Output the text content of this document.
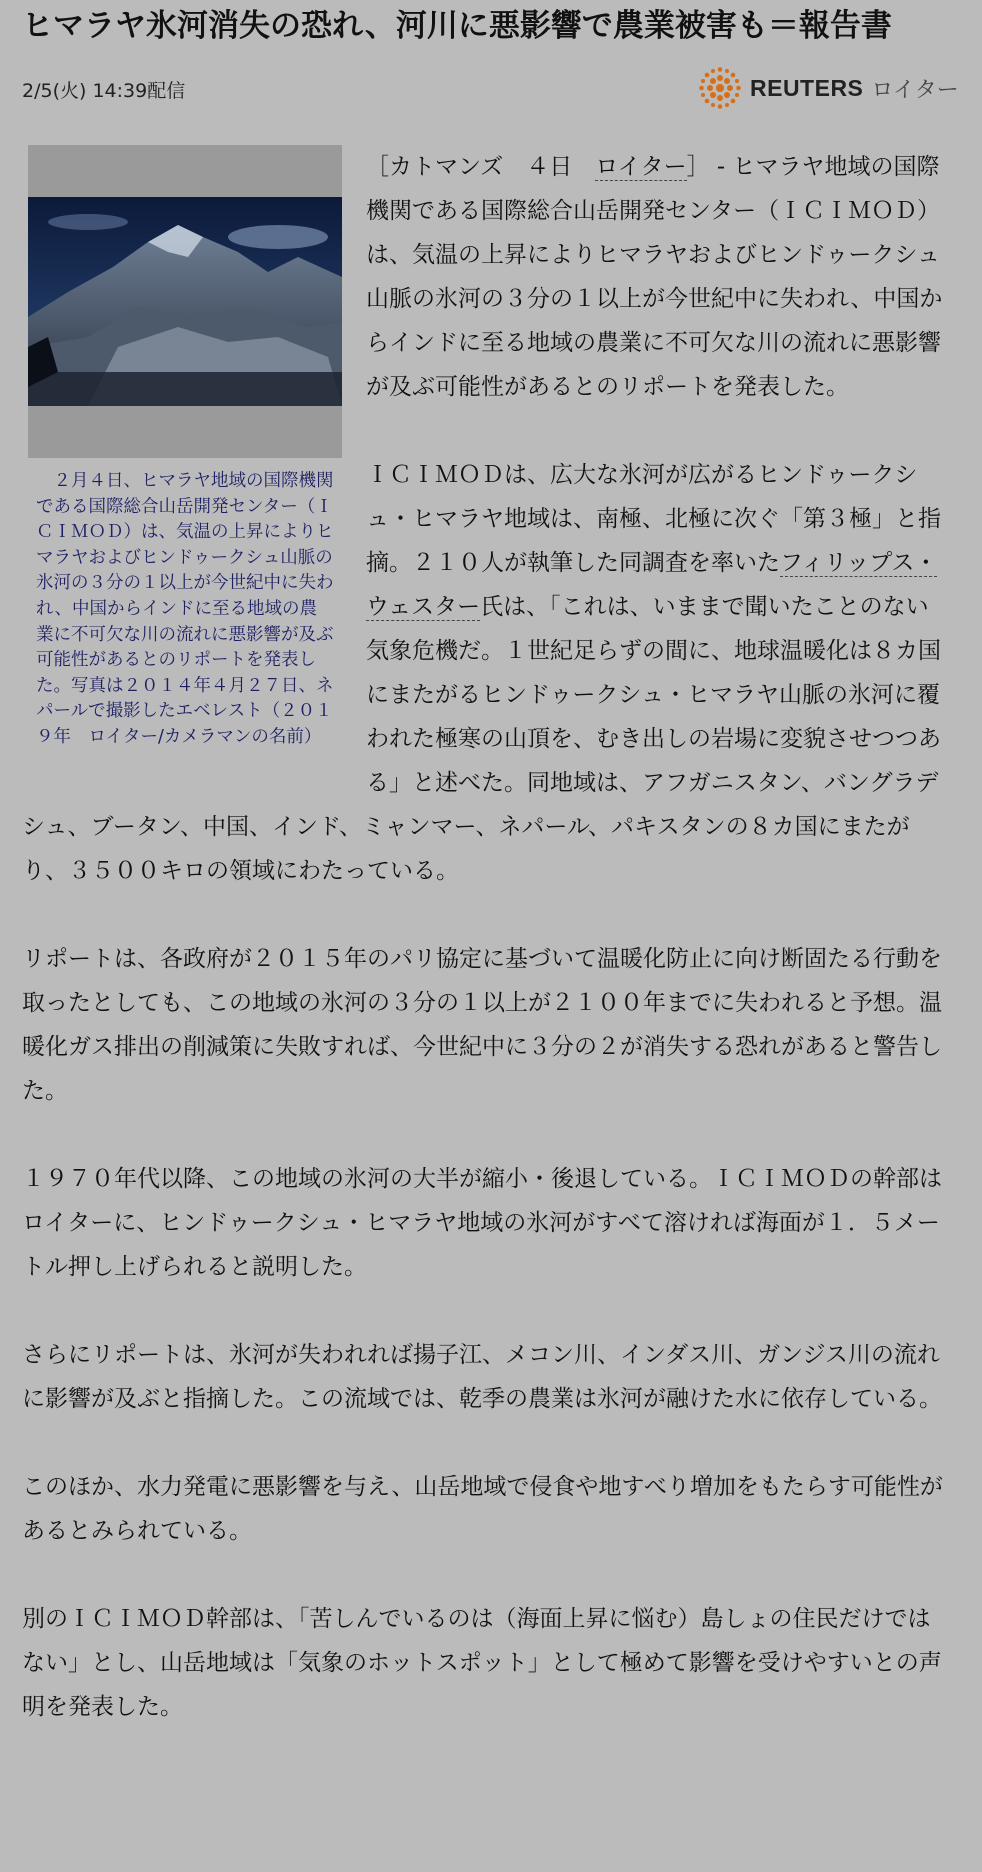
ヒマラヤ氷河消失の恐れ、河川に悪影響で農業被害も＝報告書
2/5(火) 14:39配信	REUTERS ロイター
　２月４日、ヒマラヤ地域の国際機関である国際総合山岳開発センター（ＩＣＩＭＯＤ）は、気温の上昇によりヒマラヤおよびヒンドゥークシュ山脈の氷河の３分の１以上が今世紀中に失われ、中国からインドに至る地域の農業に不可欠な川の流れに悪影響が及ぶ可能性があるとのリポートを発表した。写真は２０１４年４月２７日、ネパールで撮影したエベレスト（２０１９年　ロイター/カメラマンの名前）

［カトマンズ　４日　ロイター］ - ヒマラヤ地域の国際機関である国際総合山岳開発センター（ＩＣＩＭＯＤ）は、気温の上昇によりヒマラヤおよびヒンドゥークシュ山脈の氷河の３分の１以上が今世紀中に失われ、中国からインドに至る地域の農業に不可欠な川の流れに悪影響が及ぶ可能性があるとのリポートを発表した。

ＩＣＩＭＯＤは、広大な氷河が広がるヒンドゥークシュ・ヒマラヤ地域は、南極、北極に次ぐ「第３極」と指摘。２１０人が執筆した同調査を率いたフィリップス・ウェスター氏は、「これは、いままで聞いたことのない気象危機だ。１世紀足らずの間に、地球温暖化は８カ国にまたがるヒンドゥークシュ・ヒマラヤ山脈の氷河に覆われた極寒の山頂を、むき出しの岩場に変貌させつつある」と述べた。同地域は、アフガニスタン、バングラデシュ、ブータン、中国、インド、ミャンマー、ネパール、パキスタンの８カ国にまたがり、３５００キロの領域にわたっている。

リポートは、各政府が２０１５年のパリ協定に基づいて温暖化防止に向け断固たる行動を取ったとしても、この地域の氷河の３分の１以上が２１００年までに失われると予想。温暖化ガス排出の削減策に失敗すれば、今世紀中に３分の２が消失する恐れがあると警告した。

１９７０年代以降、この地域の氷河の大半が縮小・後退している。ＩＣＩＭＯＤの幹部はロイターに、ヒンドゥークシュ・ヒマラヤ地域の氷河がすべて溶ければ海面が１．５メートル押し上げられると説明した。

さらにリポートは、氷河が失われれば揚子江、メコン川、インダス川、ガンジス川の流れに影響が及ぶと指摘した。この流域では、乾季の農業は氷河が融けた水に依存している。

このほか、水力発電に悪影響を与え、山岳地域で侵食や地すべり増加をもたらす可能性があるとみられている。

別のＩＣＩＭＯＤ幹部は、「苦しんでいるのは（海面上昇に悩む）島しょの住民だけではない」とし、山岳地域は「気象のホットスポット」として極めて影響を受けやすいとの声明を発表した。
